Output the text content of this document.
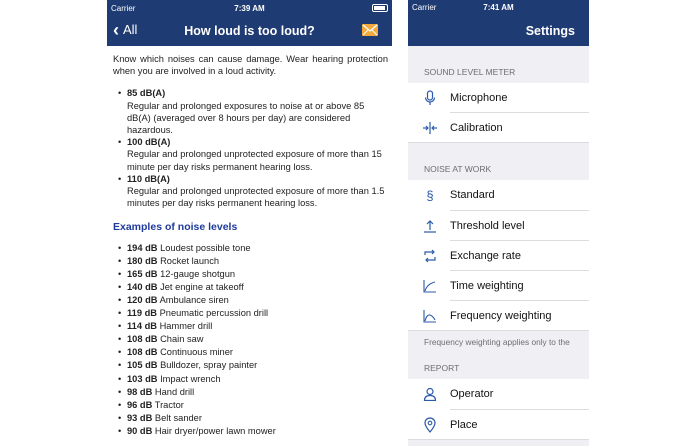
Carrier	7:39 AM
‹ All	How loud is too loud?

Know which noises can cause damage. Wear hearing protection when you are involved in a loud activity.

• 85 dB(A)
Regular and prolonged exposures to noise at or above 85 dB(A) (averaged over 8 hours per day) are considered hazardous.
• 100 dB(A)
Regular and prolonged unprotected exposure of more than 15 minute per day risks permanent hearing loss.
• 110 dB(A)
Regular and prolonged unprotected exposure of more than 1.5 minutes per day risks permanent hearing loss.
Examples of noise levels
• 194 dB Loudest possible tone
• 180 dB Rocket launch
• 165 dB 12-gauge shotgun
• 140 dB Jet engine at takeoff
• 120 dB Ambulance siren
• 119 dB Pneumatic percussion drill
• 114 dB Hammer drill
• 108 dB Chain saw
• 108 dB Continuous miner
• 105 dB Bulldozer, spray painter
• 103 dB Impact wrench
• 98 dB Hand drill
• 96 dB Tractor
• 93 dB Belt sander
• 90 dB Hair dryer/power lawn mower
Carrier	7:41 AM
Settings
SOUND LEVEL METER
Microphone
Calibration
NOISE AT WORK
§	Standard
Threshold level
Exchange rate
Time weighting
Frequency weighting
Frequency weighting applies only to the
REPORT
Operator
Place
